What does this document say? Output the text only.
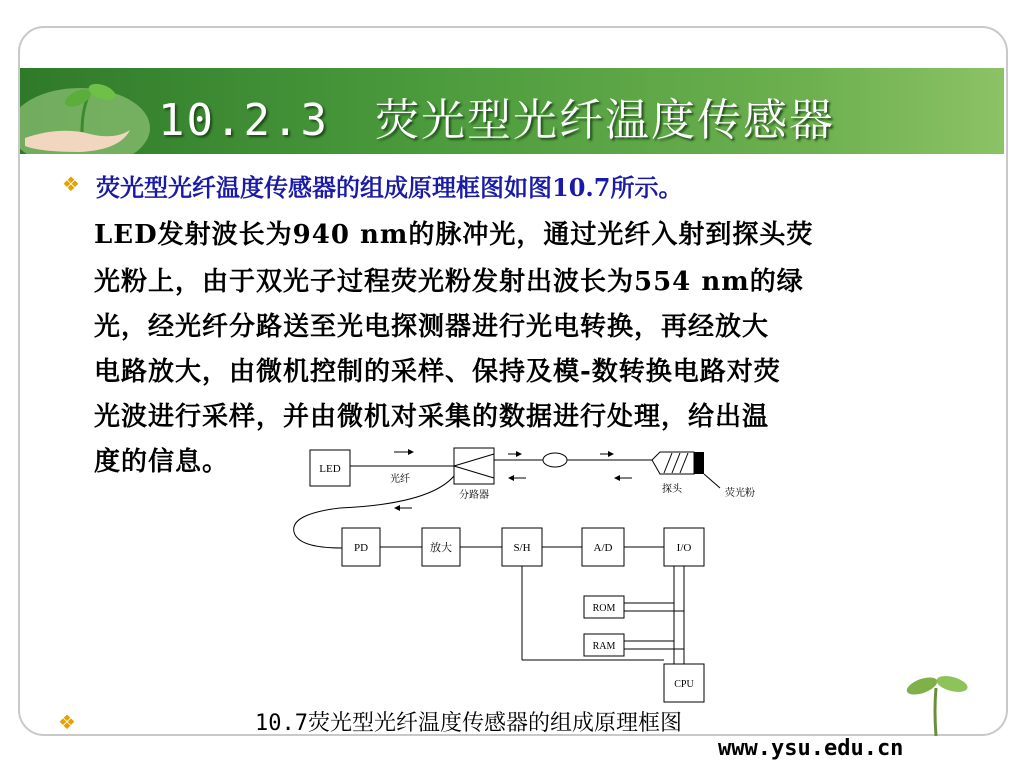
10.2.3　荧光型光纤温度传感器
❖ 荧光型光纤温度传感器的组成原理框图如图10.7所示。
LED发射波长为940 nm的脉冲光，通过光纤入射到探头荧
光粉上，由于双光子过程荧光粉发射出波长为554 nm的绿
光，经光纤分路送至光电探测器进行光电转换，再经放大
电路放大，由微机控制的采样、保持及模-数转换电路对荧
光波进行采样，并由微机对采集的数据进行处理，给出温
度的信息。	LED
光纤
分路器
探头	荧光粉
PD	放大	S/H	A/D	I/O
ROM
RAM
CPU
❖	10.7荧光型光纤温度传感器的组成原理框图
www.ysu.edu.cn
